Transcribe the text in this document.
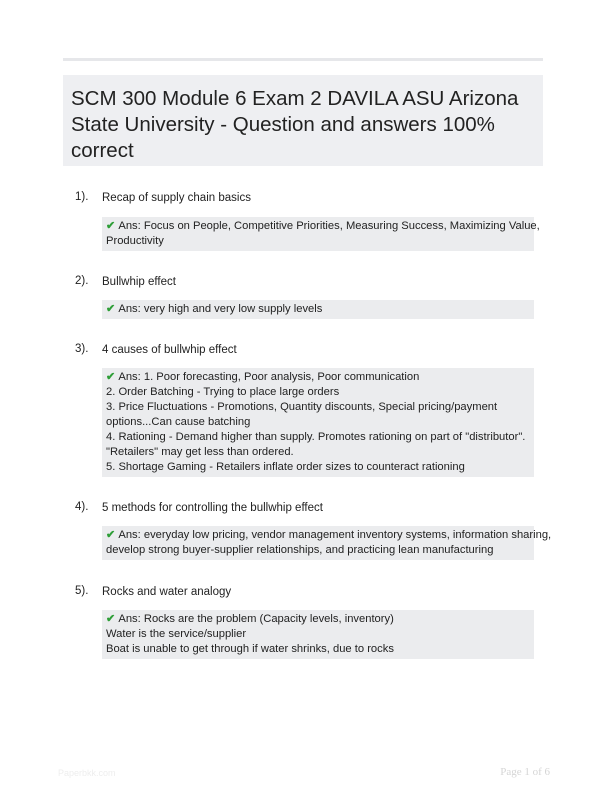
SCM 300 Module 6 Exam 2 DAVILA ASU Arizona
State University - Question and answers 100%
correct
1). Recap of supply chain basics
✔ Ans: Focus on People, Competitive Priorities, Measuring Success, Maximizing Value,
Productivity
2). Bullwhip effect
✔ Ans: very high and very low supply levels
3). 4 causes of bullwhip effect
✔ Ans: 1. Poor forecasting, Poor analysis, Poor communication
2. Order Batching - Trying to place large orders
3. Price Fluctuations - Promotions, Quantity discounts, Special pricing/payment
options...Can cause batching
4. Rationing - Demand higher than supply. Promotes rationing on part of "distributor".
"Retailers" may get less than ordered.
5. Shortage Gaming - Retailers inflate order sizes to counteract rationing
4). 5 methods for controlling the bullwhip effect
✔ Ans: everyday low pricing, vendor management inventory systems, information sharing,
develop strong buyer-supplier relationships, and practicing lean manufacturing
5). Rocks and water analogy
✔ Ans: Rocks are the problem (Capacity levels, inventory)
Water is the service/supplier
Boat is unable to get through if water shrinks, due to rocks
Paperbkk.com	Page 1 of 6
